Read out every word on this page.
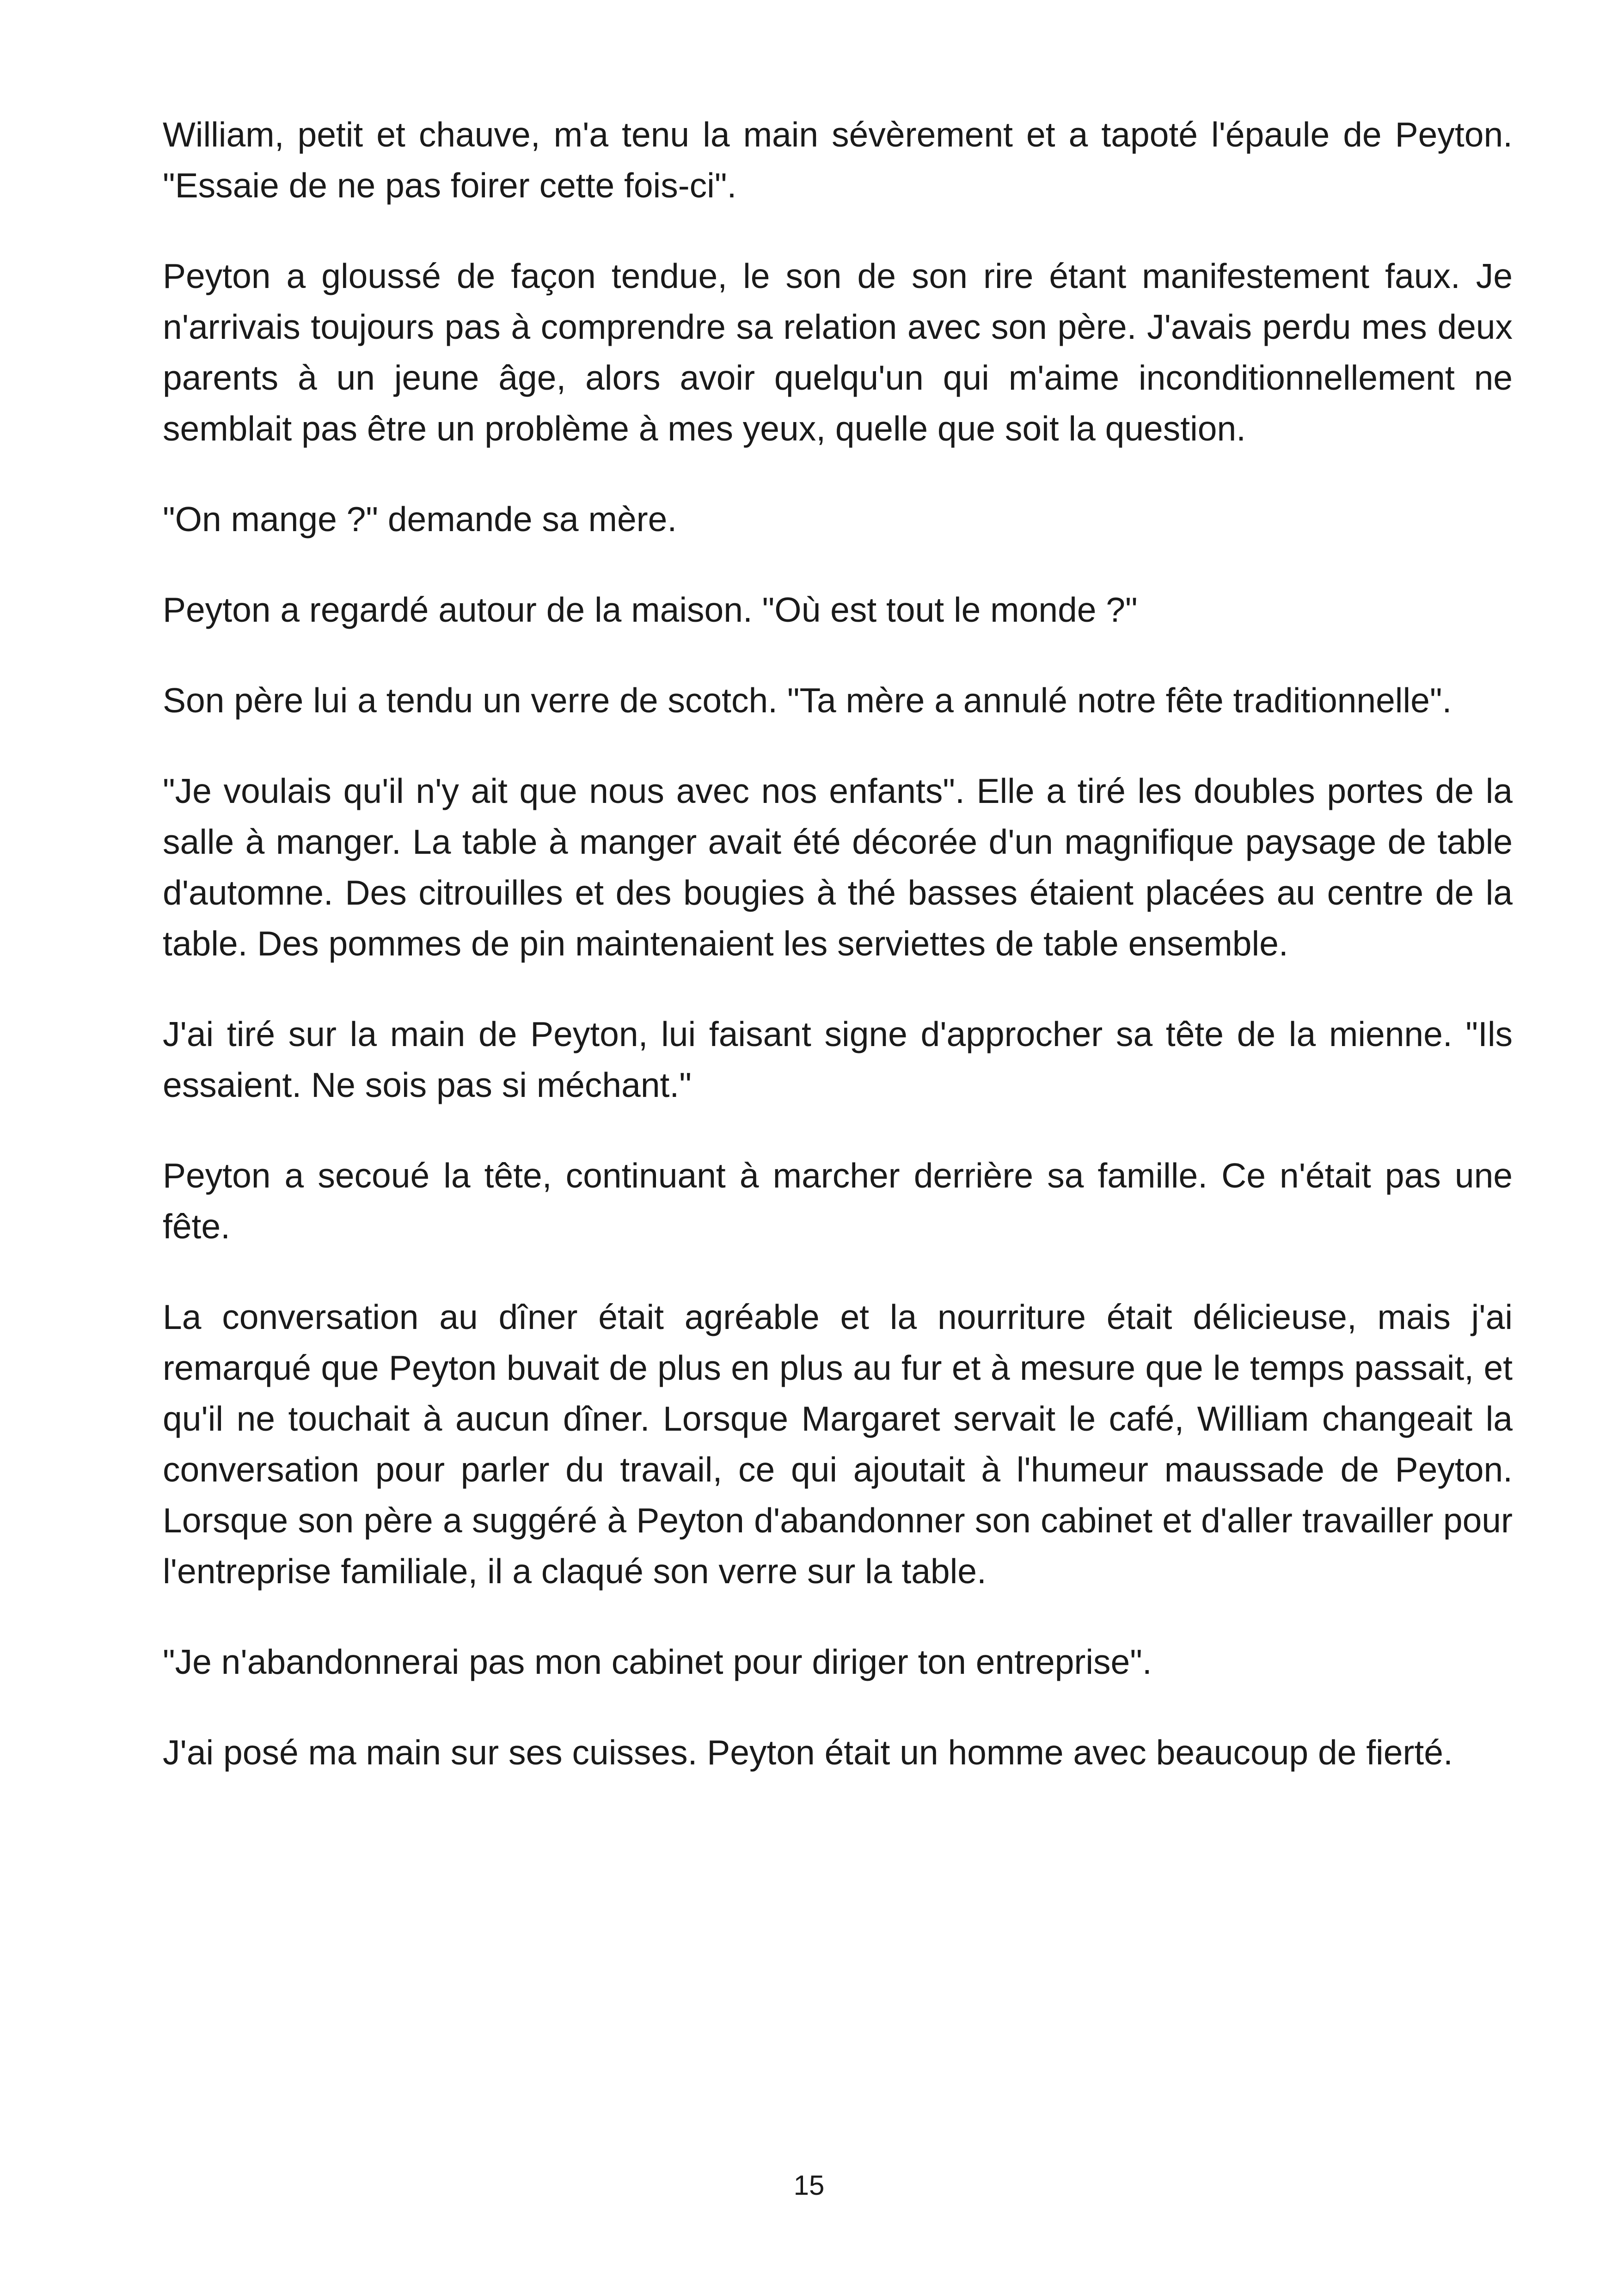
William, petit et chauve, m'a tenu la main sévèrement et a tapoté l'épaule de Peyton. "Essaie de ne pas foirer cette fois-ci".

Peyton a gloussé de façon tendue, le son de son rire étant manifestement faux. Je n'arrivais toujours pas à comprendre sa relation avec son père. J'avais perdu mes deux parents à un jeune âge, alors avoir quelqu'un qui m'aime inconditionnellement ne semblait pas être un problème à mes yeux, quelle que soit la question.

"On mange ?" demande sa mère.

Peyton a regardé autour de la maison. "Où est tout le monde ?"

Son père lui a tendu un verre de scotch. "Ta mère a annulé notre fête traditionnelle".

"Je voulais qu'il n'y ait que nous avec nos enfants". Elle a tiré les doubles portes de la salle à manger. La table à manger avait été décorée d'un magnifique paysage de table d'automne. Des citrouilles et des bougies à thé basses étaient placées au centre de la table. Des pommes de pin maintenaient les serviettes de table ensemble.

J'ai tiré sur la main de Peyton, lui faisant signe d'approcher sa tête de la mienne. "Ils essaient. Ne sois pas si méchant."

Peyton a secoué la tête, continuant à marcher derrière sa famille. Ce n'était pas une fête.

La conversation au dîner était agréable et la nourriture était délicieuse, mais j'ai remarqué que Peyton buvait de plus en plus au fur et à mesure que le temps passait, et qu'il ne touchait à aucun dîner. Lorsque Margaret servait le café, William changeait la conversation pour parler du travail, ce qui ajoutait à l'humeur maussade de Peyton. Lorsque son père a suggéré à Peyton d'abandonner son cabinet et d'aller travailler pour l'entreprise familiale, il a claqué son verre sur la table.

"Je n'abandonnerai pas mon cabinet pour diriger ton entreprise".

J'ai posé ma main sur ses cuisses. Peyton était un homme avec beaucoup de fierté.

15
